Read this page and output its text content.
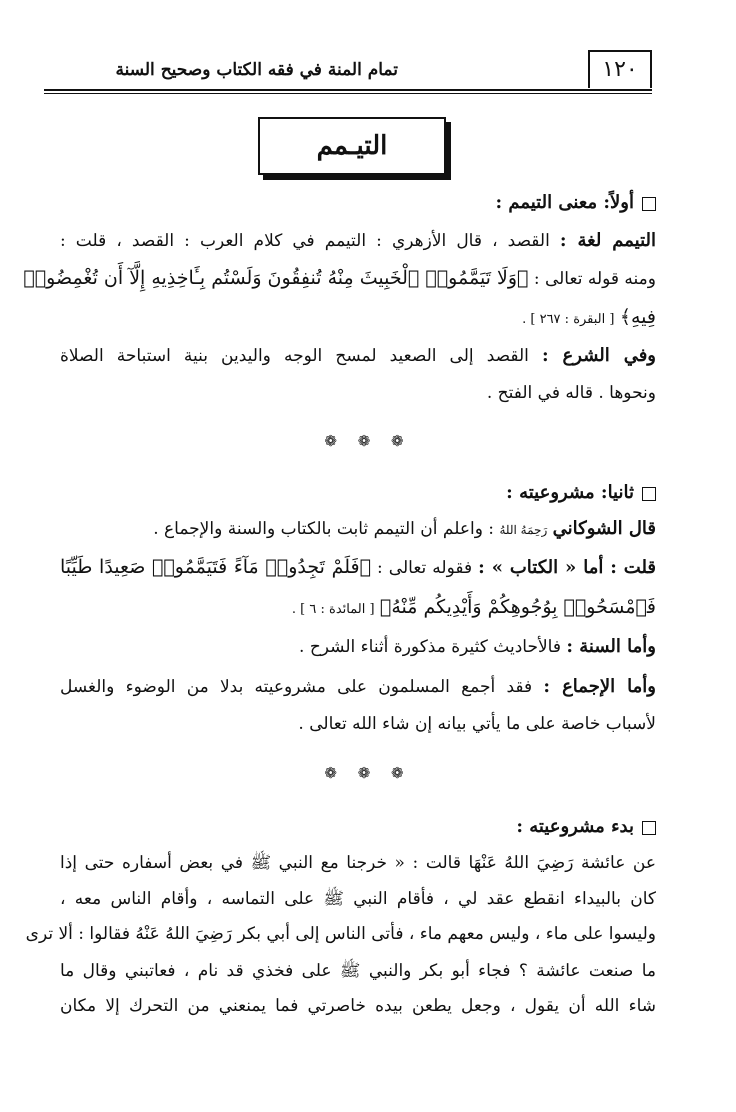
١٢٠
تمام المنة في فقه الكتاب وصحيح السنة
التيـمم
أولاً: معنى التيمم :
التيمم لغة : القصد ، قال الأزهري : التيمم في كلام العرب : القصد ، قلت :
ومنه قوله تعالى : ﴿وَلَا تَيَمَّمُوا۟ ٱلْخَبِيثَ مِنْهُ تُنفِقُونَ وَلَسْتُم بِـَٔاخِذِيهِ إِلَّآ أَن تُغْمِضُوا۟
فِيهِ﴾ [ البقرة : ٢٦٧ ] .
وفي الشرع : القصد إلى الصعيد لمسح الوجه واليدين بنية استباحة الصلاة
ونحوها . قاله في الفتح .
❁ ❁ ❁
ثانيا: مشروعيته :
قال الشوكاني رَحِمَهُ اللهُ : واعلم أن التيمم ثابت بالكتاب والسنة والإجماع .
قلت : أما « الكتاب » : فقوله تعالى : ﴿فَلَمْ تَجِدُوا۟ مَآءً فَتَيَمَّمُوا۟ صَعِيدًا طَيِّبًا
فَٱمْسَحُوا۟ بِوُجُوهِكُمْ وَأَيْدِيكُم مِّنْهُ﴾ [ المائدة : ٦ ] .
وأما السنة : فالأحاديث كثيرة مذكورة أثناء الشرح .
وأما الإجماع : فقد أجمع المسلمون على مشروعيته بدلا من الوضوء والغسل
لأسباب خاصة على ما يأتي بيانه إن شاء الله تعالى .
❁ ❁ ❁
بدء مشروعيته :
عن عائشة رَضِيَ اللهُ عَنْهَا قالت : « خرجنا مع النبي ﷺ في بعض أسفاره حتى إذا
كان بالبيداء انقطع عقد لي ، فأقام النبي ﷺ على التماسه ، وأقام الناس معه ،
وليسوا على ماء ، وليس معهم ماء ، فأتى الناس إلى أبي بكر رَضِيَ اللهُ عَنْهُ فقالوا : ألا ترى
ما صنعت عائشة ؟ فجاء أبو بكر والنبي ﷺ على فخذي قد نام ، فعاتبني وقال ما
شاء الله أن يقول ، وجعل يطعن بيده خاصرتي فما يمنعني من التحرك إلا مكان
